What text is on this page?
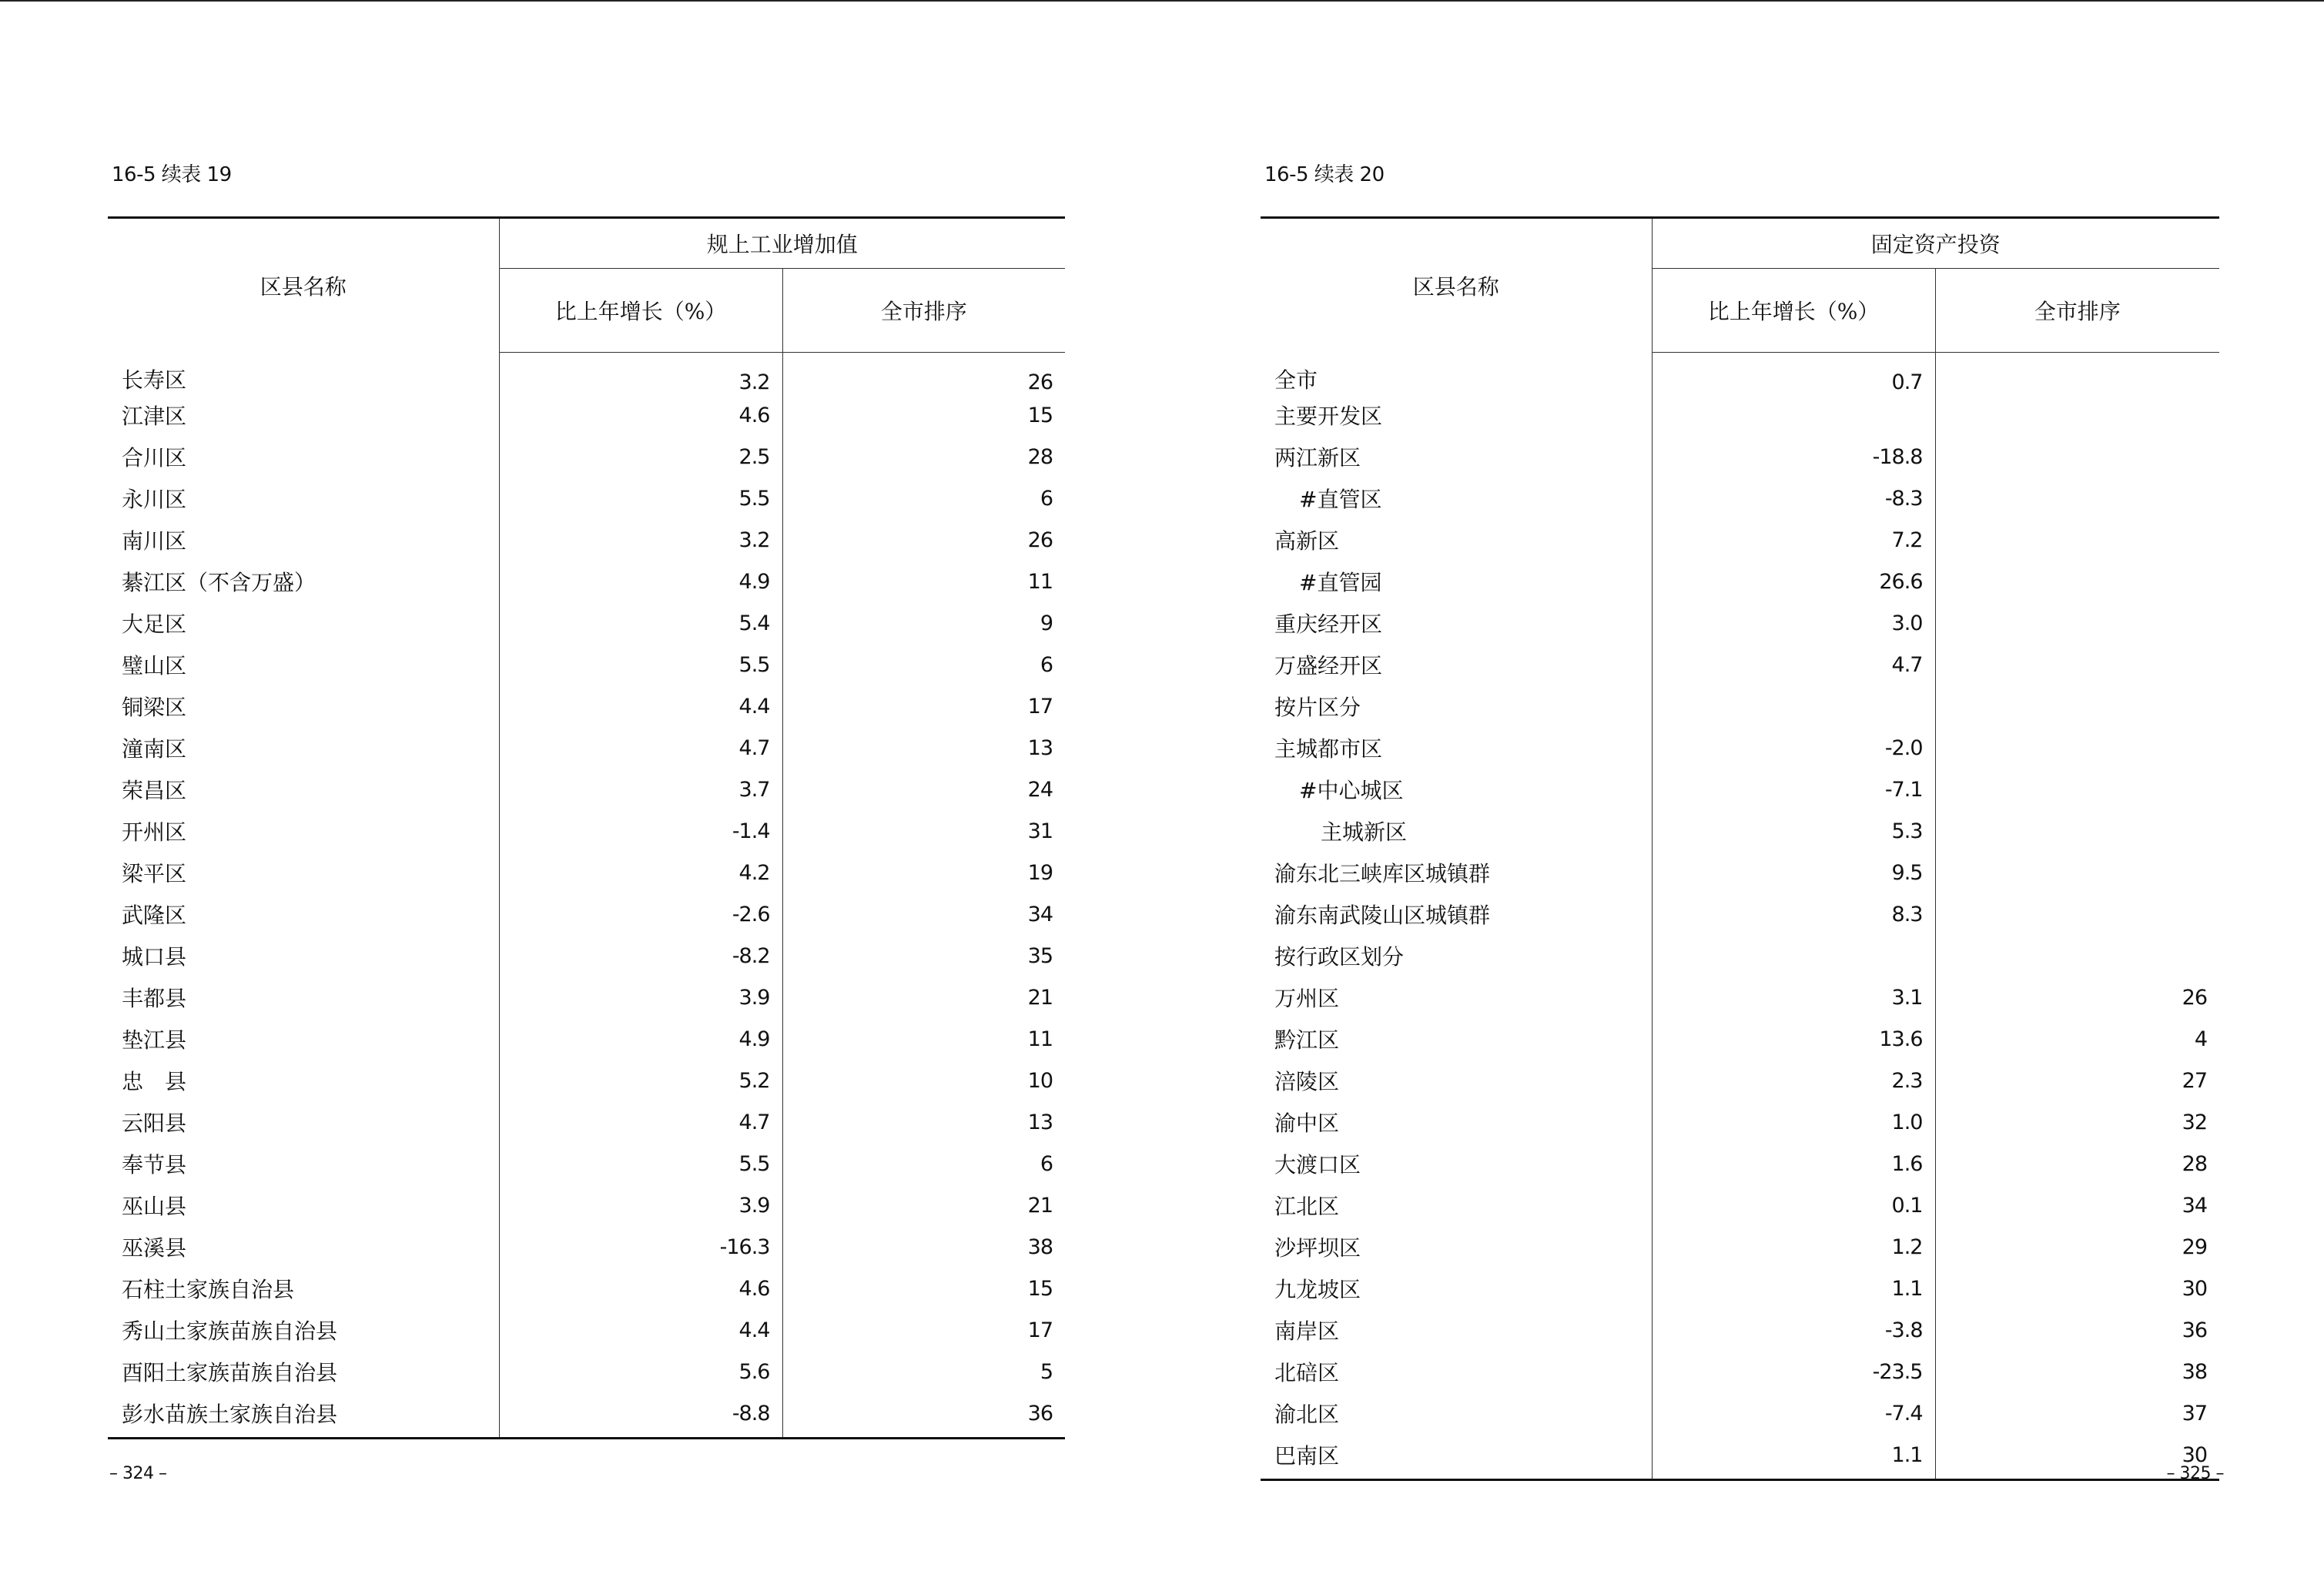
16-5 续表 19
区县名称	规上工业增加值	
	比上年增长（%）	全市排序
长寿区	3.2	26
江津区	4.6	15
合川区	2.5	28
永川区	5.5	6
南川区	3.2	26
綦江区（不含万盛）	4.9	11
大足区	5.4	9
璧山区	5.5	6
铜梁区	4.4	17
潼南区	4.7	13
荣昌区	3.7	24
开州区	-1.4	31
梁平区	4.2	19
武隆区	-2.6	34
城口县	-8.2	35
丰都县	3.9	21
垫江县	4.9	11
忠　县	5.2	10
云阳县	4.7	13
奉节县	5.5	6
巫山县	3.9	21
巫溪县	-16.3	38
石柱土家族自治县	4.6	15
秀山土家族苗族自治县	4.4	17
酉阳土家族苗族自治县	5.6	5
彭水苗族土家族自治县	-8.8	36
– 324 –
16-5 续表 20
区县名称	固定资产投资	
	比上年增长（%）	全市排序
全市	0.7	
主要开发区		
两江新区	-18.8	
#直管区	-8.3	
高新区	7.2	
#直管园	26.6	
重庆经开区	3.0	
万盛经开区	4.7	
按片区分		
主城都市区	-2.0	
#中心城区	-7.1	
主城新区	5.3	
渝东北三峡库区城镇群	9.5	
渝东南武陵山区城镇群	8.3	
按行政区划分		
万州区	3.1	26
黔江区	13.6	4
涪陵区	2.3	27
渝中区	1.0	32
大渡口区	1.6	28
江北区	0.1	34
沙坪坝区	1.2	29
九龙坡区	1.1	30
南岸区	-3.8	36
北碚区	-23.5	38
渝北区	-7.4	37
巴南区	1.1	30
– 325 –
